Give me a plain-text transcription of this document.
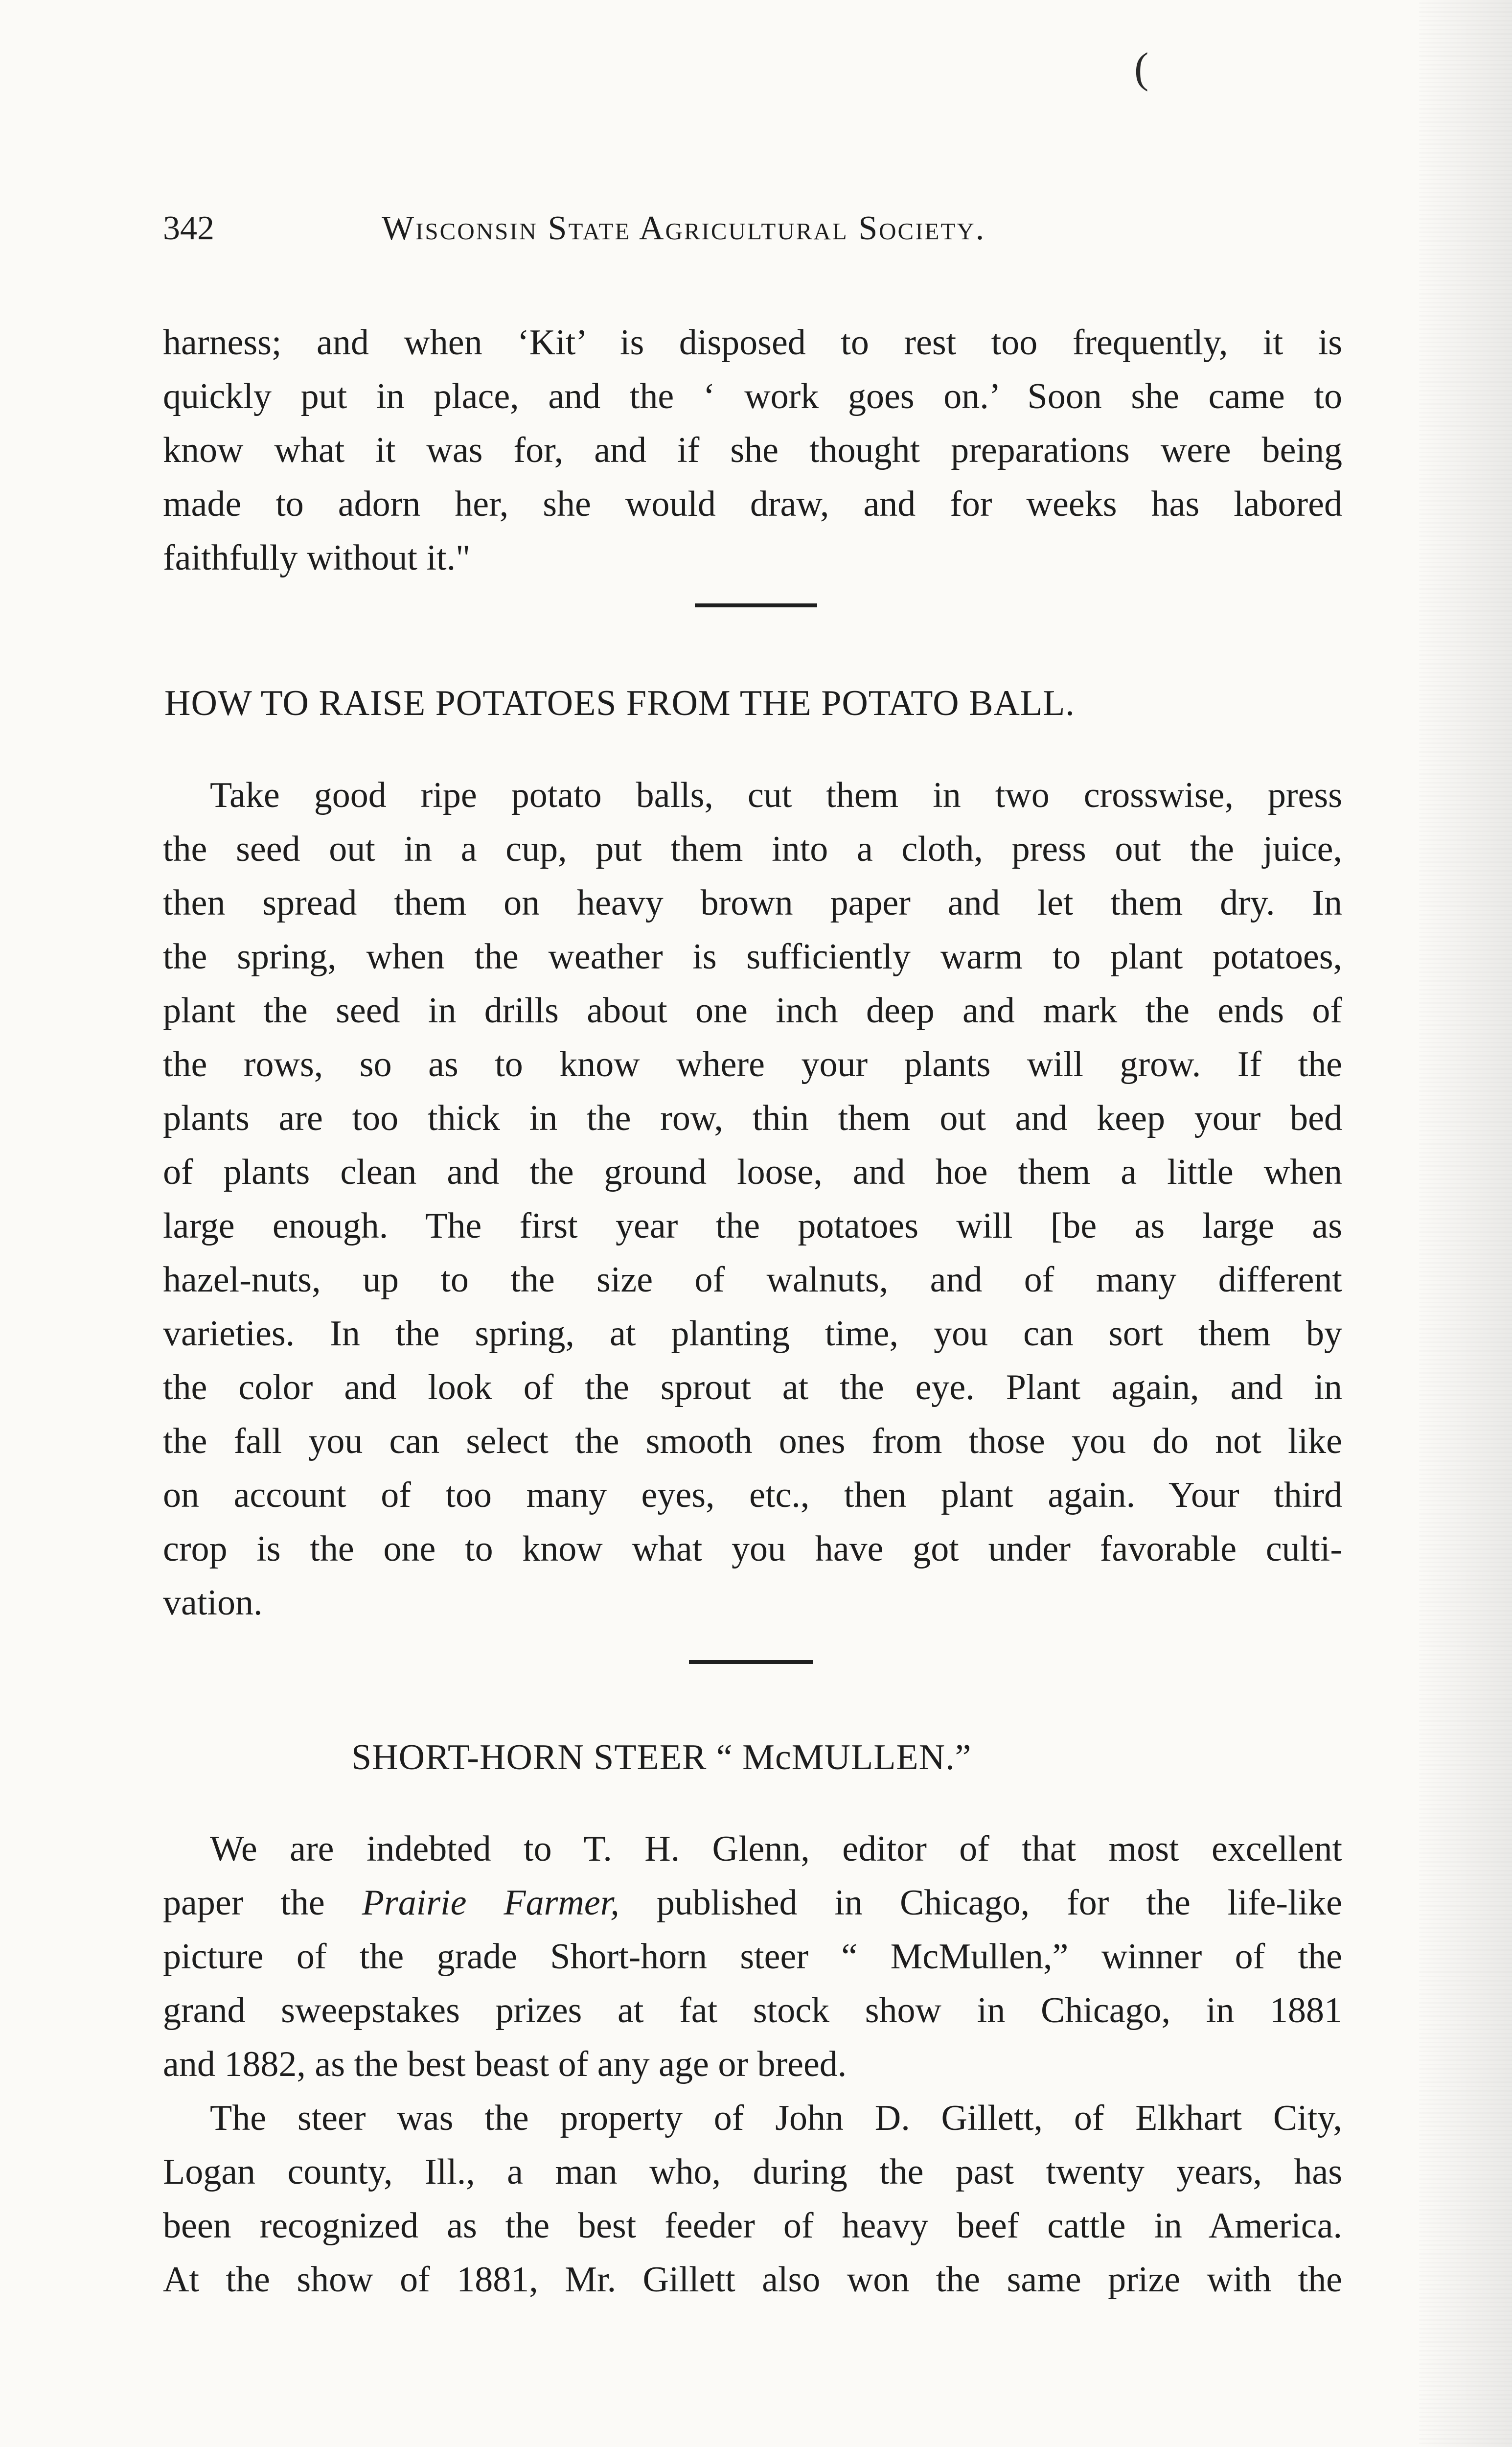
(
342	Wisconsin State Agricultural Society.
harness; and when ‘Kit’ is disposed to rest too frequently, it is
quickly put in place, and the ‘ work goes on.’ Soon she came to
know what it was for, and if she thought preparations were being
made to adorn her, she would draw, and for weeks has labored
faithfully without it."
HOW TO RAISE POTATOES FROM THE POTATO BALL.
Take good ripe potato balls, cut them in two crosswise, press
the seed out in a cup, put them into a cloth, press out the juice,
then spread them on heavy brown paper and let them dry. In
the spring, when the weather is sufficiently warm to plant potatoes,
plant the seed in drills about one inch deep and mark the ends of
the rows, so as to know where your plants will grow. If the
plants are too thick in the row, thin them out and keep your bed
of plants clean and the ground loose, and hoe them a little when
large enough. The first year the potatoes will [be as large as
hazel-nuts, up to the size of walnuts, and of many different
varieties. In the spring, at planting time, you can sort them by
the color and look of the sprout at the eye. Plant again, and in
the fall you can select the smooth ones from those you do not like
on account of too many eyes, etc., then plant again. Your third
crop is the one to know what you have got under favorable culti-
vation.
SHORT-HORN STEER “ McMULLEN.”
We are indebted to T. H. Glenn, editor of that most excellent
paper the Prairie Farmer, published in Chicago, for the life-like
picture of the grade Short-horn steer “ McMullen,” winner of the
grand sweepstakes prizes at fat stock show in Chicago, in 1881
and 1882, as the best beast of any age or breed.
The steer was the property of John D. Gillett, of Elkhart City,
Logan county, Ill., a man who, during the past twenty years, has
been recognized as the best feeder of heavy beef cattle in America.
At the show of 1881, Mr. Gillett also won the same prize with the
